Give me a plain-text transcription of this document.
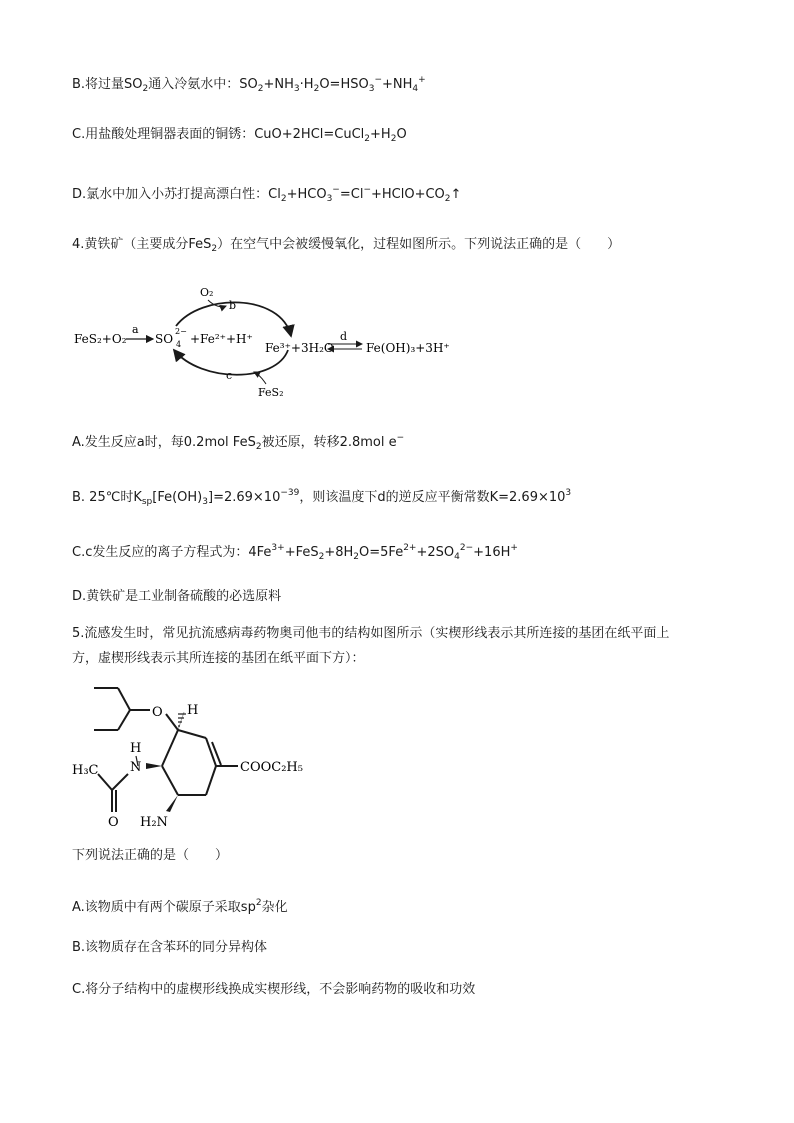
B.将过量$SO_2$通入冷氨水中：$SO_2+NH_3\cdot H_2O=HSO_3^-+NH_4^+$
C.用盐酸处理铜器表面的铜锈：$CuO+2HCl=CuCl_2+H_2O$
D.氯水中加入小苏打提高漂白性：$Cl_2+HCO_3^-=Cl^-+HClO+CO_2↑$
4.黄铁矿（主要成分FeS$_2$）在空气中会被缓慢氧化，过程如图所示。下列说法正确的是（　　）
FeS₂+O₂
a
SO 4
2−
+Fe²⁺+H⁺
O₂
b
c
FeS₂
Fe³⁺+3H₂O
d
Fe(OH)₃+3H⁺
A.发生反应a时，每0.2mol FeS$_2$被还原，转移2.8mol e−
B. 25℃时$K_{sp}[Fe(OH)_3]=2.69\times 10^{-39}$，则该温度下d的逆反应平衡常数$K=2.69\times 10^3$
C.c发生反应的离子方程式为：$4Fe^{3+}+FeS_2+8H_2O=5Fe^{2+}+2SO_4^{2-}+16H^+$
D.黄铁矿是工业制备硫酸的必选原料
5.流感发生时，常见抗流感病毒药物奥司他韦的结构如图所示（实楔形线表示其所连接的基团在纸平面上
方，虚楔形线表示其所连接的基团在纸平面下方）：
O H
H
N
H₃C
O H₂N
COOC₂H₅
下列说法正确的是（　　）
A.该物质中有两个碳原子采取$sp^2$杂化
B.该物质存在含苯环的同分异构体
C.将分子结构中的虚楔形线换成实楔形线，不会影响药物的吸收和功效
